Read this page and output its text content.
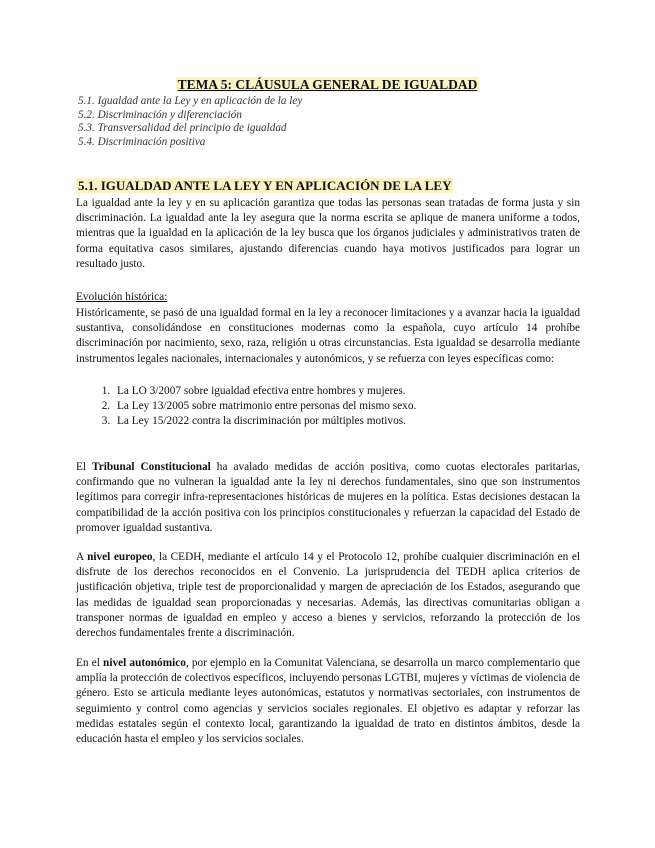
TEMA 5: CLÁUSULA GENERAL DE IGUALDAD
5.1. Igualdad ante la Ley y en aplicación de la ley
5.2. Discriminación y diferenciación
5.3. Transversalidad del principio de igualdad
5.4. Discriminación positiva
5.1. IGUALDAD ANTE LA LEY Y EN APLICACIÓN DE LA LEY
La igualdad ante la ley y en su aplicación garantiza que todas las personas sean tratadas de forma justa y sin discriminación. La igualdad ante la ley asegura que la norma escrita se aplique de manera uniforme a todos, mientras que la igualdad en la aplicación de la ley busca que los órganos judiciales y administrativos traten de forma equitativa casos similares, ajustando diferencias cuando haya motivos justificados para lograr un resultado justo.
Evolución histórica:
Históricamente, se pasó de una igualdad formal en la ley a reconocer limitaciones y a avanzar hacia la igualdad sustantiva, consolidándose en constituciones modernas como la española, cuyo artículo 14 prohíbe discriminación por nacimiento, sexo, raza, religión u otras circunstancias. Esta igualdad se desarrolla mediante instrumentos legales nacionales, internacionales y autonómicos, y se refuerza con leyes específicas como:
1. La LO 3/2007 sobre igualdad efectiva entre hombres y mujeres.
2. La Ley 13/2005 sobre matrimonio entre personas del mismo sexo.
3. La Ley 15/2022 contra la discriminación por múltiples motivos.
El Tribunal Constitucional ha avalado medidas de acción positiva, como cuotas electorales paritarias, confirmando que no vulneran la igualdad ante la ley ni derechos fundamentales, sino que son instrumentos legítimos para corregir infra-representaciones históricas de mujeres en la política. Estas decisiones destacan la compatibilidad de la acción positiva con los principios constitucionales y refuerzan la capacidad del Estado de promover igualdad sustantiva.
A nivel europeo, la CEDH, mediante el artículo 14 y el Protocolo 12, prohíbe cualquier discriminación en el disfrute de los derechos reconocidos en el Convenio. La jurisprudencia del TEDH aplica criterios de justificación objetiva, triple test de proporcionalidad y margen de apreciación de los Estados, asegurando que las medidas de igualdad sean proporcionadas y necesarias. Además, las directivas comunitarias obligan a transponer normas de igualdad en empleo y acceso a bienes y servicios, reforzando la protección de los derechos fundamentales frente a discriminación.
En el nivel autonómico, por ejemplo en la Comunitat Valenciana, se desarrolla un marco complementario que amplía la protección de colectivos específicos, incluyendo personas LGTBI, mujeres y víctimas de violencia de género. Esto se articula mediante leyes autonómicas, estatutos y normativas sectoriales, con instrumentos de seguimiento y control como agencias y servicios sociales regionales. El objetivo es adaptar y reforzar las medidas estatales según el contexto local, garantizando la igualdad de trato en distintos ámbitos, desde la educación hasta el empleo y los servicios sociales.
